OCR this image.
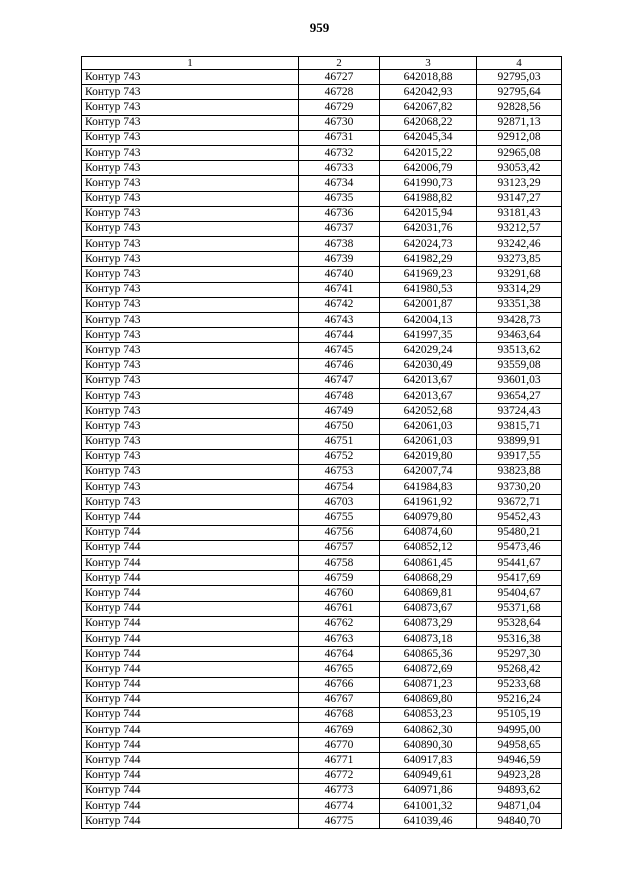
959
1	2	3	4
Контур 743	46727	642018,88	92795,03
Контур 743	46728	642042,93	92795,64
Контур 743	46729	642067,82	92828,56
Контур 743	46730	642068,22	92871,13
Контур 743	46731	642045,34	92912,08
Контур 743	46732	642015,22	92965,08
Контур 743	46733	642006,79	93053,42
Контур 743	46734	641990,73	93123,29
Контур 743	46735	641988,82	93147,27
Контур 743	46736	642015,94	93181,43
Контур 743	46737	642031,76	93212,57
Контур 743	46738	642024,73	93242,46
Контур 743	46739	641982,29	93273,85
Контур 743	46740	641969,23	93291,68
Контур 743	46741	641980,53	93314,29
Контур 743	46742	642001,87	93351,38
Контур 743	46743	642004,13	93428,73
Контур 743	46744	641997,35	93463,64
Контур 743	46745	642029,24	93513,62
Контур 743	46746	642030,49	93559,08
Контур 743	46747	642013,67	93601,03
Контур 743	46748	642013,67	93654,27
Контур 743	46749	642052,68	93724,43
Контур 743	46750	642061,03	93815,71
Контур 743	46751	642061,03	93899,91
Контур 743	46752	642019,80	93917,55
Контур 743	46753	642007,74	93823,88
Контур 743	46754	641984,83	93730,20
Контур 743	46703	641961,92	93672,71
Контур 744	46755	640979,80	95452,43
Контур 744	46756	640874,60	95480,21
Контур 744	46757	640852,12	95473,46
Контур 744	46758	640861,45	95441,67
Контур 744	46759	640868,29	95417,69
Контур 744	46760	640869,81	95404,67
Контур 744	46761	640873,67	95371,68
Контур 744	46762	640873,29	95328,64
Контур 744	46763	640873,18	95316,38
Контур 744	46764	640865,36	95297,30
Контур 744	46765	640872,69	95268,42
Контур 744	46766	640871,23	95233,68
Контур 744	46767	640869,80	95216,24
Контур 744	46768	640853,23	95105,19
Контур 744	46769	640862,30	94995,00
Контур 744	46770	640890,30	94958,65
Контур 744	46771	640917,83	94946,59
Контур 744	46772	640949,61	94923,28
Контур 744	46773	640971,86	94893,62
Контур 744	46774	641001,32	94871,04
Контур 744	46775	641039,46	94840,70
